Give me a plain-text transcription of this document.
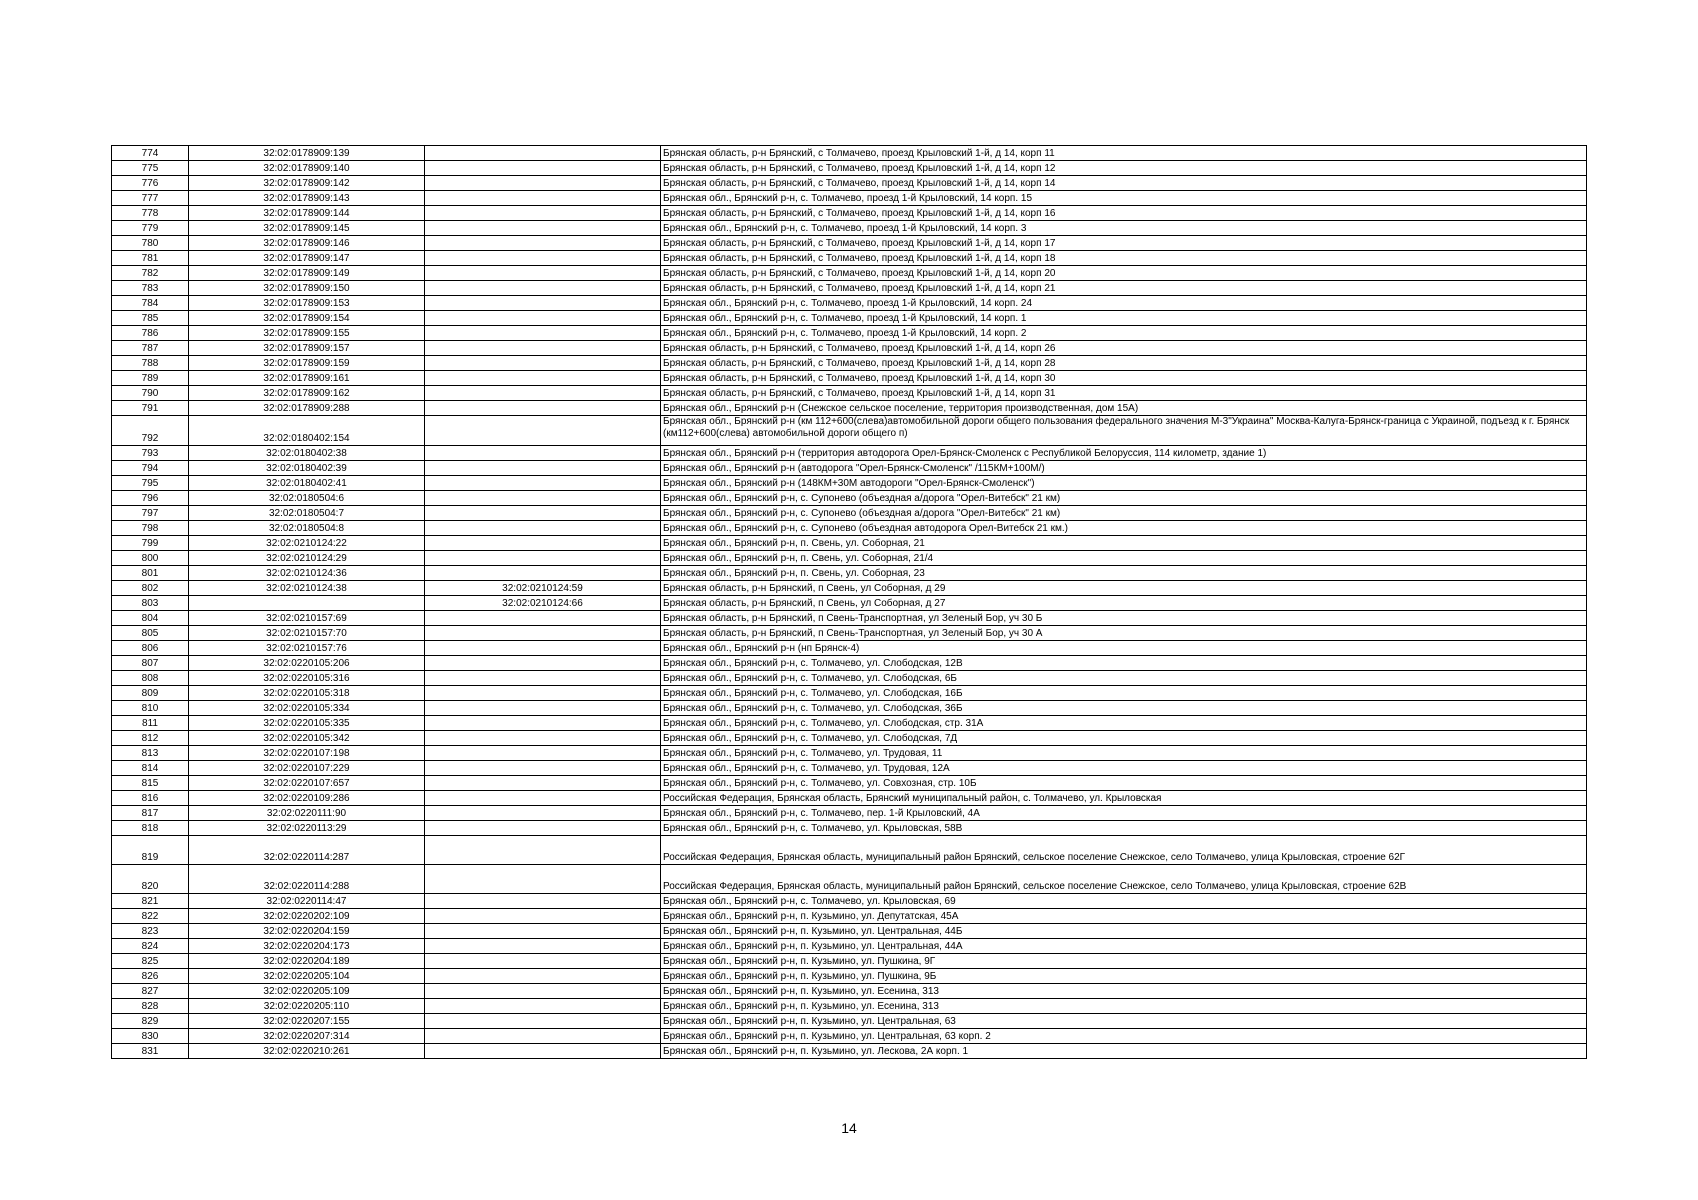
774	32:02:0178909:139		Брянская область, р-н Брянский, с Толмачево, проезд Крыловский 1-й, д 14, корп 11
775	32:02:0178909:140		Брянская область, р-н Брянский, с Толмачево, проезд Крыловский 1-й, д 14, корп 12
776	32:02:0178909:142		Брянская область, р-н Брянский, с Толмачево, проезд Крыловский 1-й, д 14, корп 14
777	32:02:0178909:143		Брянская обл., Брянский р-н, с. Толмачево, проезд 1-й Крыловский, 14 корп. 15
778	32:02:0178909:144		Брянская область, р-н Брянский, с Толмачево, проезд Крыловский 1-й, д 14, корп 16
779	32:02:0178909:145		Брянская обл., Брянский р-н, с. Толмачево, проезд 1-й Крыловский, 14 корп. 3
780	32:02:0178909:146		Брянская область, р-н Брянский, с Толмачево, проезд Крыловский 1-й, д 14, корп 17
781	32:02:0178909:147		Брянская область, р-н Брянский, с Толмачево, проезд Крыловский 1-й, д 14, корп 18
782	32:02:0178909:149		Брянская область, р-н Брянский, с Толмачево, проезд Крыловский 1-й, д 14, корп 20
783	32:02:0178909:150		Брянская область, р-н Брянский, с Толмачево, проезд Крыловский 1-й, д 14, корп 21
784	32:02:0178909:153		Брянская обл., Брянский р-н, с. Толмачево, проезд 1-й Крыловский, 14 корп. 24
785	32:02:0178909:154		Брянская обл., Брянский р-н, с. Толмачево, проезд 1-й Крыловский, 14 корп. 1
786	32:02:0178909:155		Брянская обл., Брянский р-н, с. Толмачево, проезд 1-й Крыловский, 14 корп. 2
787	32:02:0178909:157		Брянская область, р-н Брянский, с Толмачево, проезд Крыловский 1-й, д 14, корп 26
788	32:02:0178909:159		Брянская область, р-н Брянский, с Толмачево, проезд Крыловский 1-й, д 14, корп 28
789	32:02:0178909:161		Брянская область, р-н Брянский, с Толмачево, проезд Крыловский 1-й, д 14, корп 30
790	32:02:0178909:162		Брянская область, р-н Брянский, с Толмачево, проезд Крыловский 1-й, д 14, корп 31
791	32:02:0178909:288		Брянская обл., Брянский р-н (Снежское сельское поселение, территория производственная, дом 15А)
792	32:02:0180402:154		Брянская обл., Брянский р-н (км 112+600(слева)автомобильной дороги общего пользования федерального значения М-3"Украина" Москва-Калуга-Брянск-граница с Украиной, подъезд к г. Брянск (км112+600(слева) автомобильной дороги общего п)
793	32:02:0180402:38		Брянская обл., Брянский р-н (территория автодорога Орел-Брянск-Смоленск с Республикой Белоруссия, 114 километр, здание 1)
794	32:02:0180402:39		Брянская обл., Брянский р-н (автодорога "Орел-Брянск-Смоленск" /115КМ+100М/)
795	32:02:0180402:41		Брянская обл., Брянский р-н (148КМ+30М автодороги "Орел-Брянск-Смоленск")
796	32:02:0180504:6		Брянская обл., Брянский р-н, с. Супонево (объездная а/дорога "Орел-Витебск" 21 км)
797	32:02:0180504:7		Брянская обл., Брянский р-н, с. Супонево (объездная а/дорога "Орел-Витебск" 21 км)
798	32:02:0180504:8		Брянская обл., Брянский р-н, с. Супонево (объездная автодорога Орел-Витебск 21 км.)
799	32:02:0210124:22		Брянская обл., Брянский р-н, п. Свень, ул. Соборная, 21
800	32:02:0210124:29		Брянская обл., Брянский р-н, п. Свень, ул. Соборная, 21/4
801	32:02:0210124:36		Брянская обл., Брянский р-н, п. Свень, ул. Соборная, 23
802	32:02:0210124:38	32:02:0210124:59	Брянская область, р-н Брянский, п Свень, ул Соборная, д 29
803		32:02:0210124:66	Брянская область, р-н Брянский, п Свень, ул Соборная, д 27
804	32:02:0210157:69		Брянская область, р-н Брянский, п Свень-Транспортная, ул Зеленый Бор, уч 30 Б
805	32:02:0210157:70		Брянская область, р-н Брянский, п Свень-Транспортная, ул Зеленый Бор, уч 30 А
806	32:02:0210157:76		Брянская обл., Брянский р-н (нп Брянск-4)
807	32:02:0220105:206		Брянская обл., Брянский р-н, с. Толмачево, ул. Слободская, 12В
808	32:02:0220105:316		Брянская обл., Брянский р-н, с. Толмачево, ул. Слободская, 6Б
809	32:02:0220105:318		Брянская обл., Брянский р-н, с. Толмачево, ул. Слободская, 16Б
810	32:02:0220105:334		Брянская обл., Брянский р-н, с. Толмачево, ул. Слободская, 36Б
811	32:02:0220105:335		Брянская обл., Брянский р-н, с. Толмачево, ул. Слободская, стр. 31А
812	32:02:0220105:342		Брянская обл., Брянский р-н, с. Толмачево, ул. Слободская, 7Д
813	32:02:0220107:198		Брянская обл., Брянский р-н, с. Толмачево, ул. Трудовая, 11
814	32:02:0220107:229		Брянская обл., Брянский р-н, с. Толмачево, ул. Трудовая, 12А
815	32:02:0220107:657		Брянская обл., Брянский р-н, с. Толмачево, ул. Совхозная, стр. 10Б
816	32:02:0220109:286		Российская Федерация, Брянская область, Брянский муниципальный район, с. Толмачево, ул. Крыловская
817	32:02:0220111:90		Брянская обл., Брянский р-н, с. Толмачево, пер. 1-й Крыловский, 4А
818	32:02:0220113:29		Брянская обл., Брянский р-н, с. Толмачево, ул. Крыловская, 58В
819	32:02:0220114:287		Российская Федерация, Брянская область, муниципальный район Брянский, сельское поселение Снежское, село Толмачево, улица Крыловская, строение 62Г
820	32:02:0220114:288		Российская Федерация, Брянская область, муниципальный район Брянский, сельское поселение Снежское, село Толмачево, улица Крыловская, строение 62В
821	32:02:0220114:47		Брянская обл., Брянский р-н, с. Толмачево, ул. Крыловская, 69
822	32:02:0220202:109		Брянская обл., Брянский р-н, п. Кузьмино, ул. Депутатская, 45А
823	32:02:0220204:159		Брянская обл., Брянский р-н, п. Кузьмино, ул. Центральная, 44Б
824	32:02:0220204:173		Брянская обл., Брянский р-н, п. Кузьмино, ул. Центральная, 44А
825	32:02:0220204:189		Брянская обл., Брянский р-н, п. Кузьмино, ул. Пушкина, 9Г
826	32:02:0220205:104		Брянская обл., Брянский р-н, п. Кузьмино, ул. Пушкина, 9Б
827	32:02:0220205:109		Брянская обл., Брянский р-н, п. Кузьмино, ул. Есенина, 313
828	32:02:0220205:110		Брянская обл., Брянский р-н, п. Кузьмино, ул. Есенина, 313
829	32:02:0220207:155		Брянская обл., Брянский р-н, п. Кузьмино, ул. Центральная, 63
830	32:02:0220207:314		Брянская обл., Брянский р-н, п. Кузьмино, ул. Центральная, 63 корп. 2
831	32:02:0220210:261		Брянская обл., Брянский р-н, п. Кузьмино, ул. Лескова, 2А корп. 1
14
